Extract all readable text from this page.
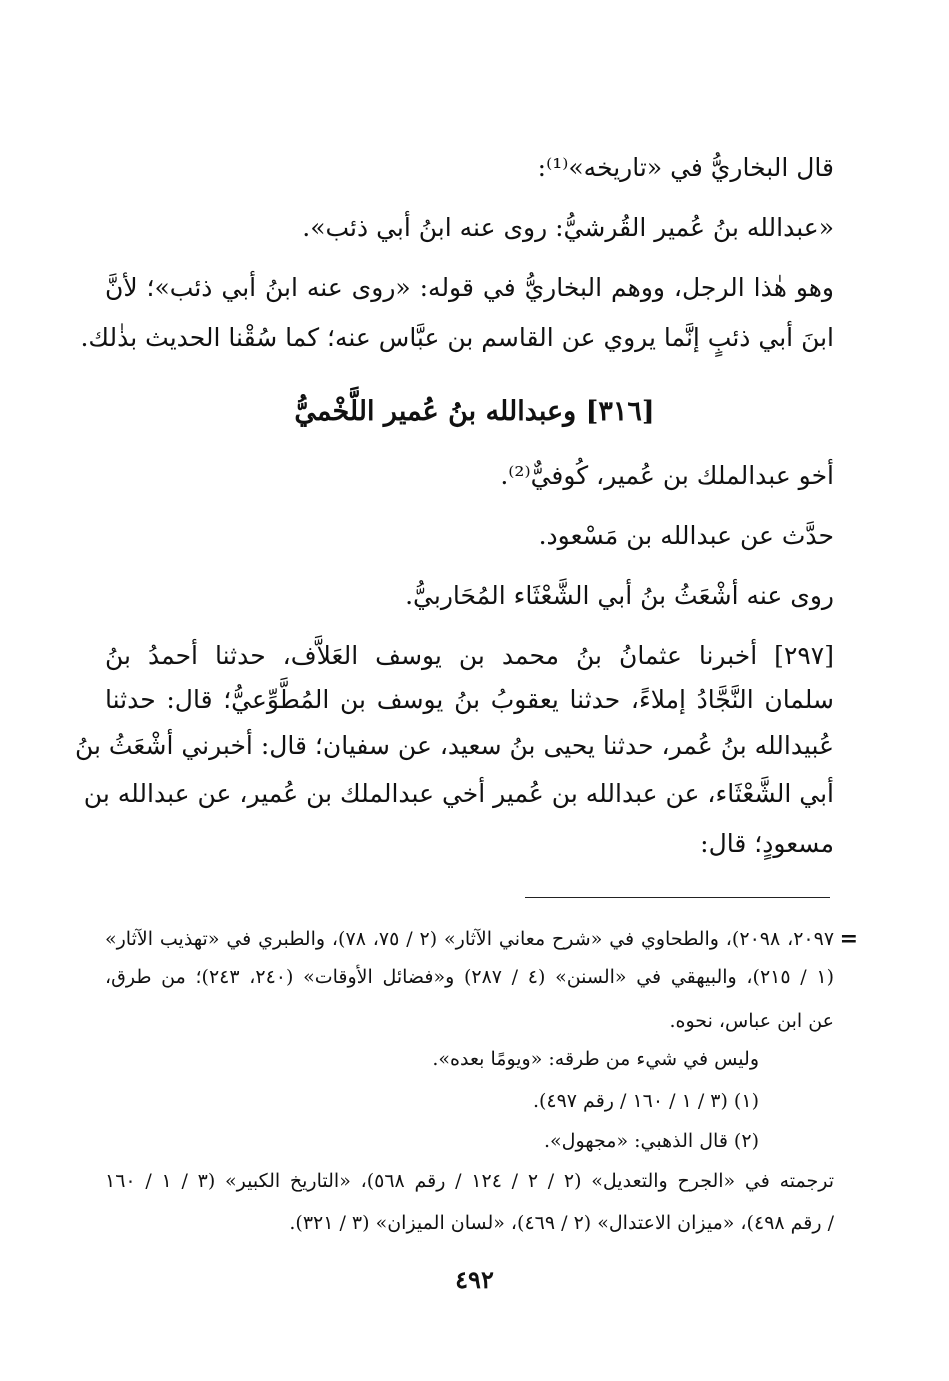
قال البخاريُّ في «تاريخه»⁽¹⁾:
«عبدالله بنُ عُمير القُرشيُّ: روى عنه ابنُ أبي ذئب».
وهو هٰذا الرجل، ووهم البخاريُّ في قوله: «روى عنه ابنُ أبي ذئب»؛ لأنَّ
ابنَ أبي ذئبٍ إنَّما يروي عن القاسم بن عبَّاس عنه؛ كما سُقْنا الحديث بذٰلك.
[٣١٦] وعبدالله بنُ عُمير اللَّخْميُّ
أخو عبدالملك بن عُمير، كُوفيٌّ⁽²⁾.
حدَّث عن عبدالله بن مَسْعود.
روى عنه أشْعَثُ بنُ أبي الشَّعْثَاء المُحَاربيُّ.
[٢٩٧] أخبرنا عثمانُ بنُ محمد بن يوسف العَلاَّف، حدثنا أحمدُ بنُ
سلمان النَّجَّادُ إملاءً، حدثنا يعقوبُ بنُ يوسف بن المُطَّوِّعيُّ؛ قال: حدثنا
عُبيدالله بنُ عُمر، حدثنا يحيى بنُ سعيد، عن سفيان؛ قال: أخبرني أشْعَثُ بنُ
أبي الشَّعْثَاء، عن عبدالله بن عُمير أخي عبدالملك بن عُمير، عن عبدالله بن
مسعودٍ؛ قال:
=
٢٠٩٧، ٢٠٩٨)، والطحاوي في «شرح معاني الآثار» (٢ / ٧٥، ٧٨)، والطبري في «تهذيب الآثار»
(١ / ٢١٥)، والبيهقي في «السنن» (٤ / ٢٨٧) و«فضائل الأوقات» (٢٤٠، ٢٤٣)؛ من طرق،
عن ابن عباس، نحوه.
وليس في شيء من طرقه: «ويومًا بعده».
(١) (٣ / ١ / ١٦٠ / رقم ٤٩٧).
(٢) قال الذهبي: «مجهول».
ترجمته في «الجرح والتعديل» (٢ / ٢ / ١٢٤ / رقم ٥٦٨)، «التاريخ الكبير» (٣ / ١ / ١٦٠
/ رقم ٤٩٨)، «ميزان الاعتدال» (٢ / ٤٦٩)، «لسان الميزان» (٣ / ٣٢١).
٤٩٢
